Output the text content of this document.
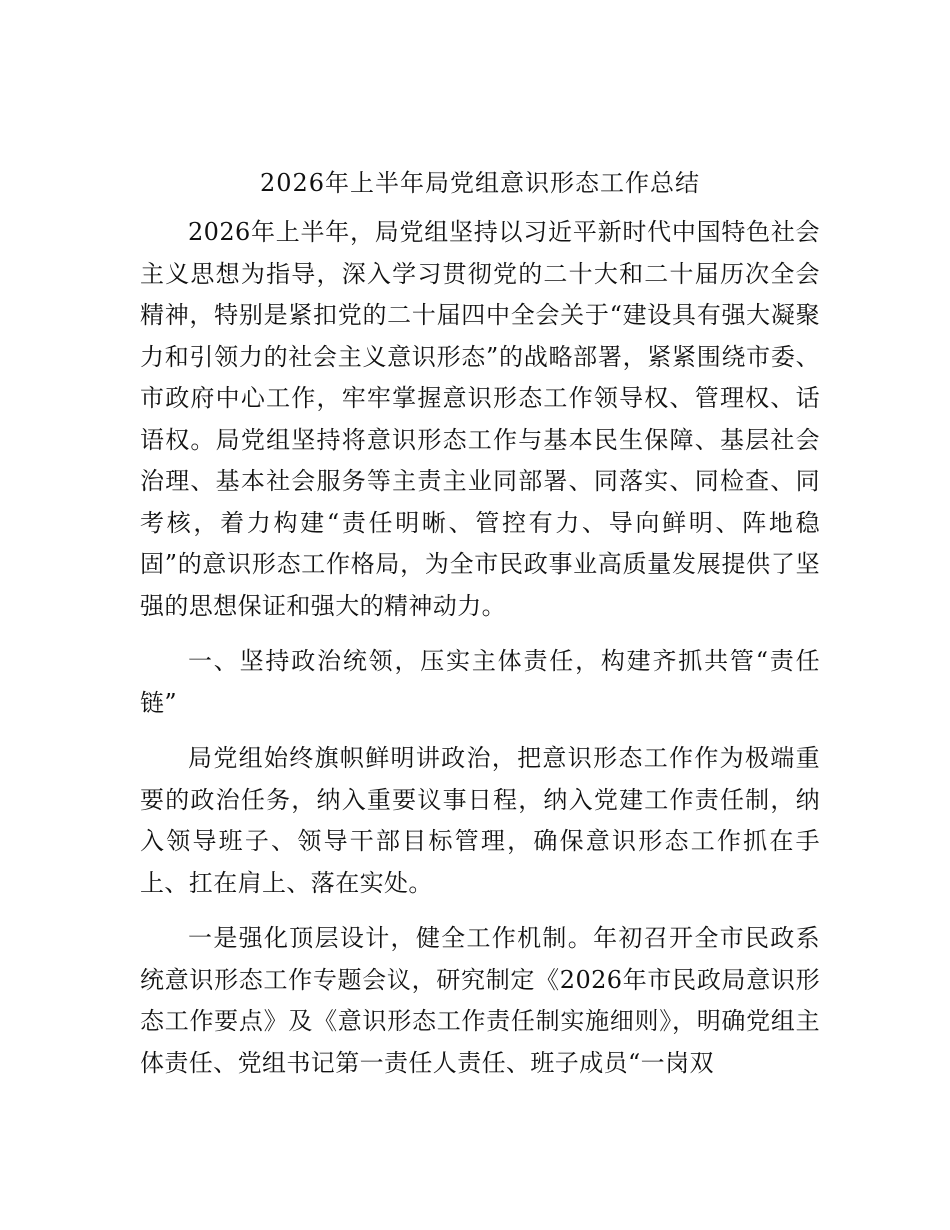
2026年上半年局党组意识形态工作总结

2026年上半年，局党组坚持以习近平新时代中国特色社会主义思想为指导，深入学习贯彻党的二十大和二十届历次全会精神，特别是紧扣党的二十届四中全会关于“建设具有强大凝聚力和引领力的社会主义意识形态”的战略部署，紧紧围绕市委、市政府中心工作，牢牢掌握意识形态工作领导权、管理权、话语权。局党组坚持将意识形态工作与基本民生保障、基层社会治理、基本社会服务等主责主业同部署、同落实、同检查、同考核，着力构建“责任明晰、管控有力、导向鲜明、阵地稳固”的意识形态工作格局，为全市民政事业高质量发展提供了坚强的思想保证和强大的精神动力。

一、坚持政治统领，压实主体责任，构建齐抓共管“责任链”

局党组始终旗帜鲜明讲政治，把意识形态工作作为极端重要的政治任务，纳入重要议事日程，纳入党建工作责任制，纳入领导班子、领导干部目标管理，确保意识形态工作抓在手上、扛在肩上、落在实处。

一是强化顶层设计，健全工作机制。年初召开全市民政系统意识形态工作专题会议，研究制定《2026年市民政局意识形态工作要点》及《意识形态工作责任制实施细则》，明确党组主体责任、党组书记第一责任人责任、班子成员“一岗双
